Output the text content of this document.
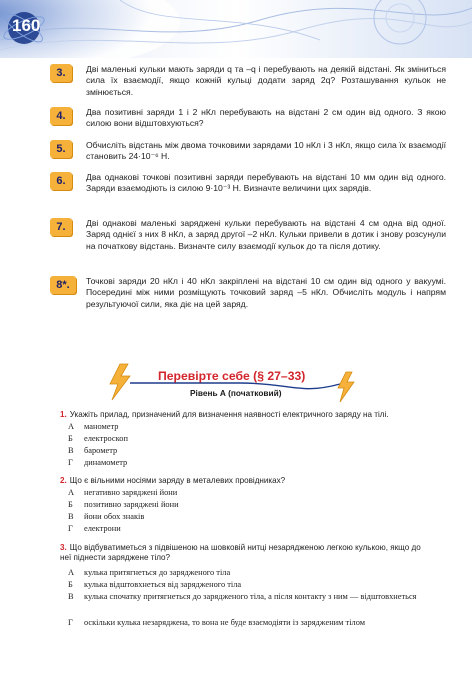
160
3.	Дві маленькі кульки мають заряди q та –q і перебувають на деякій відстані. Як зміниться сила їх взаємодії, якщо кожній кульці додати заряд 2q? Розташування кульок не змінюється.
4.	Два позитивні заряди 1 і 2 нКл перебувають на відстані 2 см один від одного. З якою силою вони відштовхуються?
5.	Обчисліть відстань між двома точковими зарядами 10 нКл і 3 нКл, якщо сила їх взаємодії становить 24·10⁻⁶ Н.
6.	Два однакові точкові позитивні заряди перебувають на відстані 10 мм один від одного. Заряди взаємодіють із силою 9·10⁻³ Н. Визначте величини цих зарядів.
7.	Дві однакові маленькі заряджені кульки перебувають на відстані 4 см одна від одної. Заряд однієї з них 8 нКл, а заряд другої –2 нКл. Кульки привели в дотик і знову розсунули на початкову відстань. Визначте силу взаємодії кульок до та після дотику.
8*.	Точкові заряди 20 нКл і 40 нКл закріплені на відстані 10 см один від одного у вакуумі. Посередині між ними розміщують точковий заряд –5 нКл. Обчисліть модуль і напрям результуючої сили, яка діє на цей заряд.
Перевірте себе (§ 27–33)
Рівень А (початковий)
1. Укажіть прилад, призначений для визначення наявності електричного заряду на тілі.
А манометр
Б електроскоп
В барометр
Г динамометр
2. Що є вільними носіями заряду в металевих провідниках?
А негативно заряджені йони
Б позитивно заряджені йони
В йони обох знаків
Г електрони
3. Що відбуватиметься з підвішеною на шовковій нитці незарядженою легкою кулькою, якщо до неї піднести заряджене тіло?
А кулька притягнеться до зарядженого тіла
Б кулька відштовхнеться від зарядженого тіла
В кулька спочатку притягнеться до зарядженого тіла, а після контакту з ним — відштовхнеться
Г оскільки кулька незаряджена, то вона не буде взаємодіяти із зарядженим тілом
